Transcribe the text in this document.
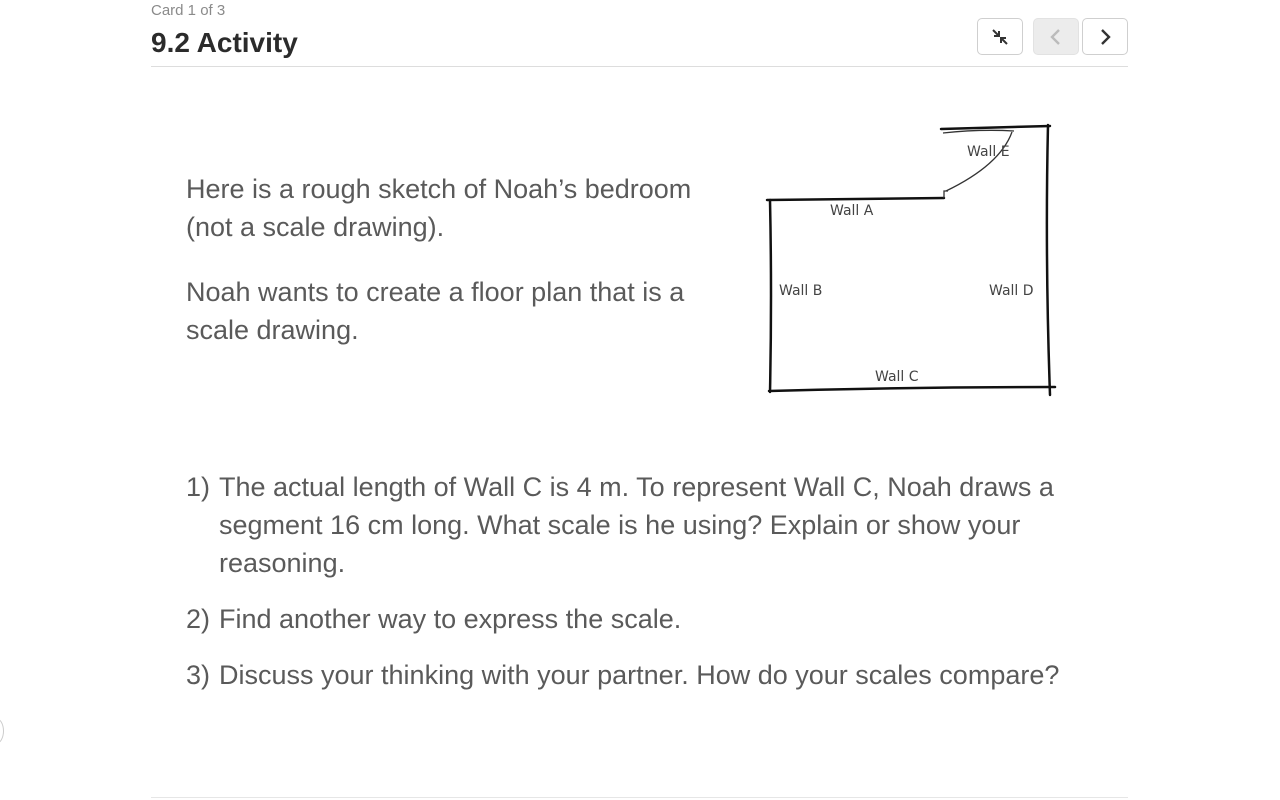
Card 1 of 3
9.2 Activity

Here is a rough sketch of Noah’s bedroom (not a scale drawing).

Noah wants to create a floor plan that is a scale drawing.

Wall A
Wall B
Wall C
Wall D
Wall E
1) The actual length of Wall C is 4 m. To represent Wall C, Noah draws a segment 16 cm long. What scale is he using? Explain or show your reasoning.
2) Find another way to express the scale.
3) Discuss your thinking with your partner. How do your scales compare?
